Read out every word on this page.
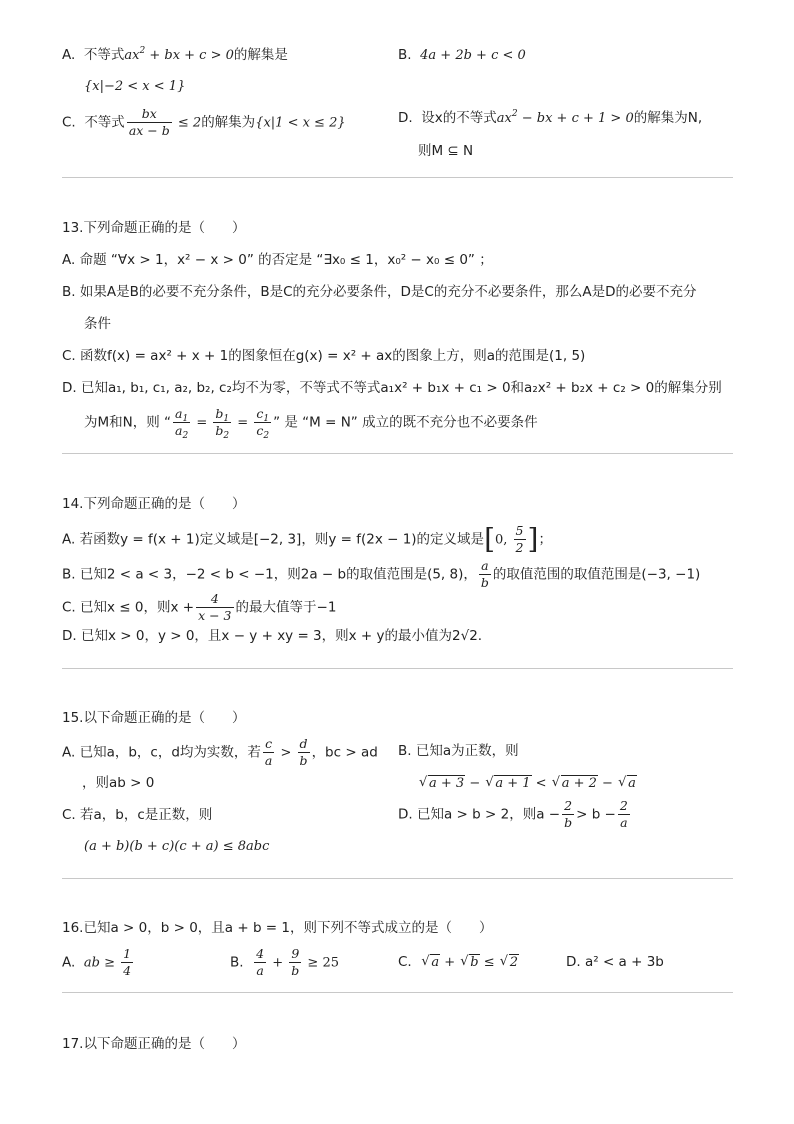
A. 不等式$ax^2$ + bx + c > 0的解集是
{x|−2 < x < 1}
B. 4a + 2b + c < 0
C. 不等式 $\frac{bx}{ax - b} \le 2$的解集为{x|1 < x ≤ 2}	D. 设x的不等式$ax^2$ − bx + c + 1 > 0的解集为N,
则M ⊆ N
13.下列命题正确的是（　　）
A. 命题 “∀x > 1，x² − x > 0” 的否定是 “∃x₀ ≤ 1，x₀² − x₀ ≤ 0” ；
B. 如果A是B的必要不充分条件，B是C的充分必要条件，D是C的充分不必要条件，那么A是D的必要不充分
条件
C. 函数f(x) = ax² + x + 1的图象恒在g(x) = x² + ax的图象上方，则a的范围是(1, 5)
D. 已知a₁, b₁, c₁, a₂, b₂, c₂均不为零，不等式不等式a₁x² + b₁x + c₁ > 0和a₂x² + b₂x + c₂ > 0的解集分别
为M和N，则 “ $\frac{a_1}{a_2} = \frac{b_1}{b_2} = \frac{c_1}{c_2}$ ” 是 “M = N” 成立的既不充分也不必要条件
14.下列命题正确的是（　　）
A. 若函数y = f(x + 1)定义域是[−2, 3]，则y = f(2x − 1)的定义域是[0, $\frac{5}{2}$ ]；
B. 已知2 < a < 3，−2 < b < −1，则2a − b的取值范围是(5, 8)， $\frac{a}{b}$ 的取值范围的取值范围是(−3, −1)
C. 已知x ≤ 0，则$x + \frac{4}{x - 3}$ 的最大值等于−1
D. 已知x > 0，y > 0，且x − y + xy = 3，则x + y的最小值为2√2.
15.以下命题正确的是（　　）
A. 已知a，b，c，d均为实数，若 $\frac{c}{a} > \frac{d}{b}$ ，bc > ad
，则ab > 0
B. 已知a为正数，则
√ a + 3 − √ a + 1 < √ a + 2 − √ a
C. 若a，b，c是正数，则
(a + b)(b + c)(c + a) ≤ 8abc
D. 已知a > b > 2，则$a - \frac{2}{b} > b - \frac{2}{a}$
16.已知a > 0，b > 0，且a + b = 1，则下列不等式成立的是（　　）
A. ab ≥ $\frac{1}{4}$	B. $\frac{4}{a} + \frac{9}{b} \ge 25$	C.  √ a + √ b ≤ √ 2	D. a² < a + 3b
17.以下命题正确的是（　　）
